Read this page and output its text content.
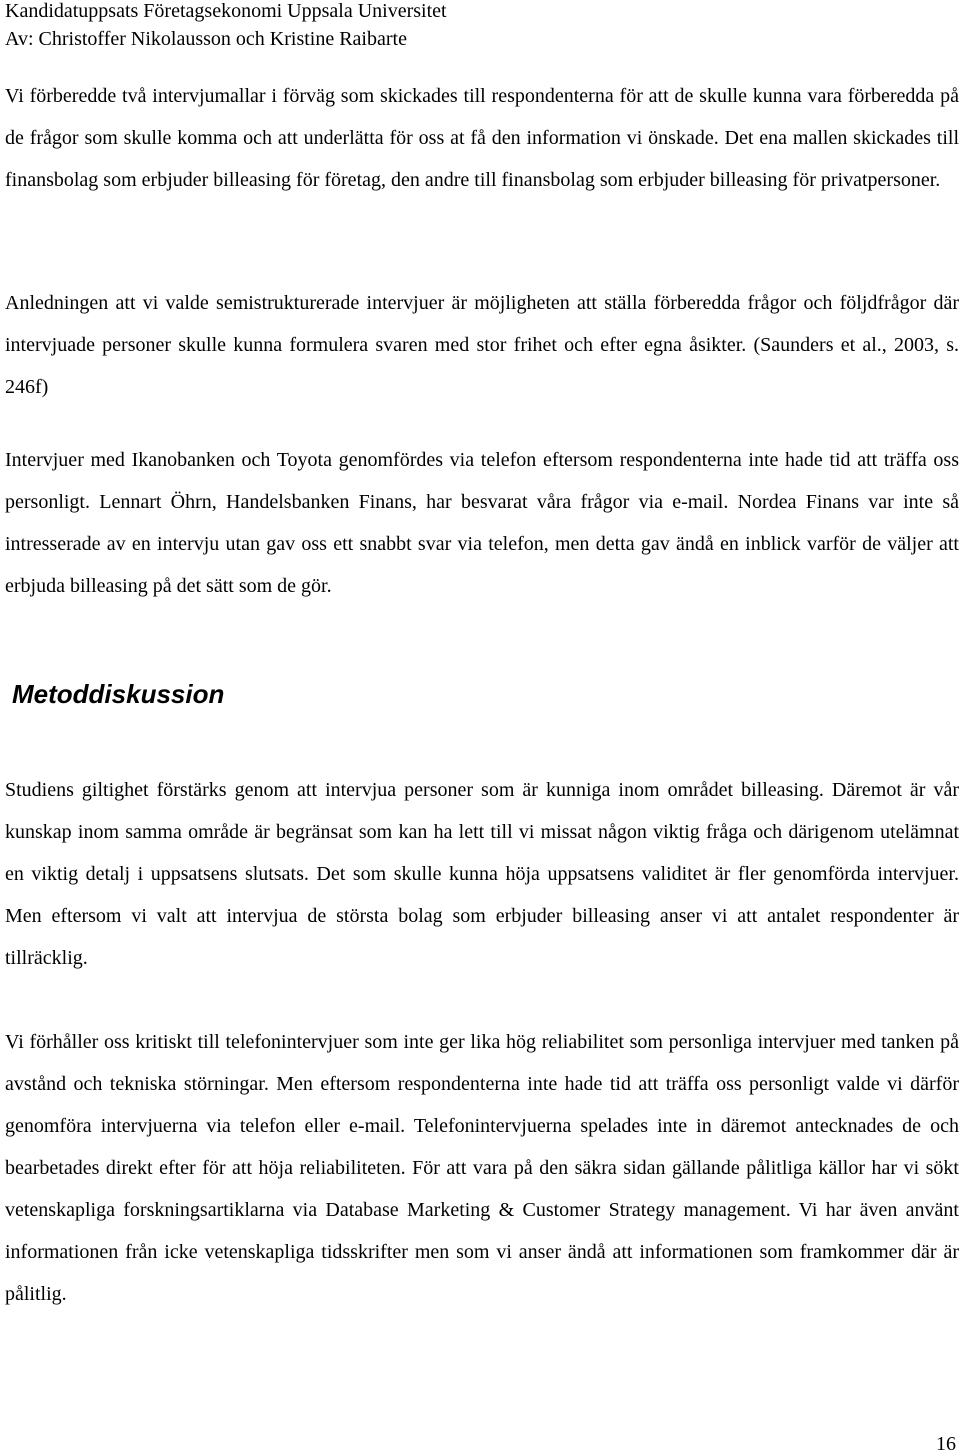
Kandidatuppsats Företagsekonomi Uppsala Universitet
Av: Christoffer Nikolausson och Kristine Raibarte

Vi förberedde två intervjumallar i förväg som skickades till respondenterna för att de skulle kunna vara förberedda på de frågor som skulle komma och att underlätta för oss at få den information vi önskade. Det ena mallen skickades till finansbolag som erbjuder billeasing för företag, den andre till finansbolag som erbjuder billeasing för privatpersoner.

Anledningen att vi valde semistrukturerade intervjuer är möjligheten att ställa förberedda frågor och följdfrågor där intervjuade personer skulle kunna formulera svaren med stor frihet och efter egna åsikter. (Saunders et al., 2003, s. 246f)

Intervjuer med Ikanobanken och Toyota genomfördes via telefon eftersom respondenterna inte hade tid att träffa oss personligt. Lennart Öhrn, Handelsbanken Finans, har besvarat våra frågor via e-mail. Nordea Finans var inte så intresserade av en intervju utan gav oss ett snabbt svar via telefon, men detta gav ändå en inblick varför de väljer att erbjuda billeasing på det sätt som de gör.

Metoddiskussion

Studiens giltighet förstärks genom att intervjua personer som är kunniga inom området billeasing. Däremot är vår kunskap inom samma område är begränsat som kan ha lett till vi missat någon viktig fråga och därigenom utelämnat en viktig detalj i uppsatsens slutsats. Det som skulle kunna höja uppsatsens validitet är fler genomförda intervjuer. Men eftersom vi valt att intervjua de största bolag som erbjuder billeasing anser vi att antalet respondenter är tillräcklig.

Vi förhåller oss kritiskt till telefonintervjuer som inte ger lika hög reliabilitet som personliga intervjuer med tanken på avstånd och tekniska störningar. Men eftersom respondenterna inte hade tid att träffa oss personligt valde vi därför genomföra intervjuerna via telefon eller e-mail. Telefonintervjuerna spelades inte in däremot antecknades de och bearbetades direkt efter för att höja reliabiliteten. För att vara på den säkra sidan gällande pålitliga källor har vi sökt vetenskapliga forskningsartiklarna via Database Marketing & Customer Strategy management. Vi har även använt informationen från icke vetenskapliga tidsskrifter men som vi anser ändå att informationen som framkommer där är pålitlig.

16
